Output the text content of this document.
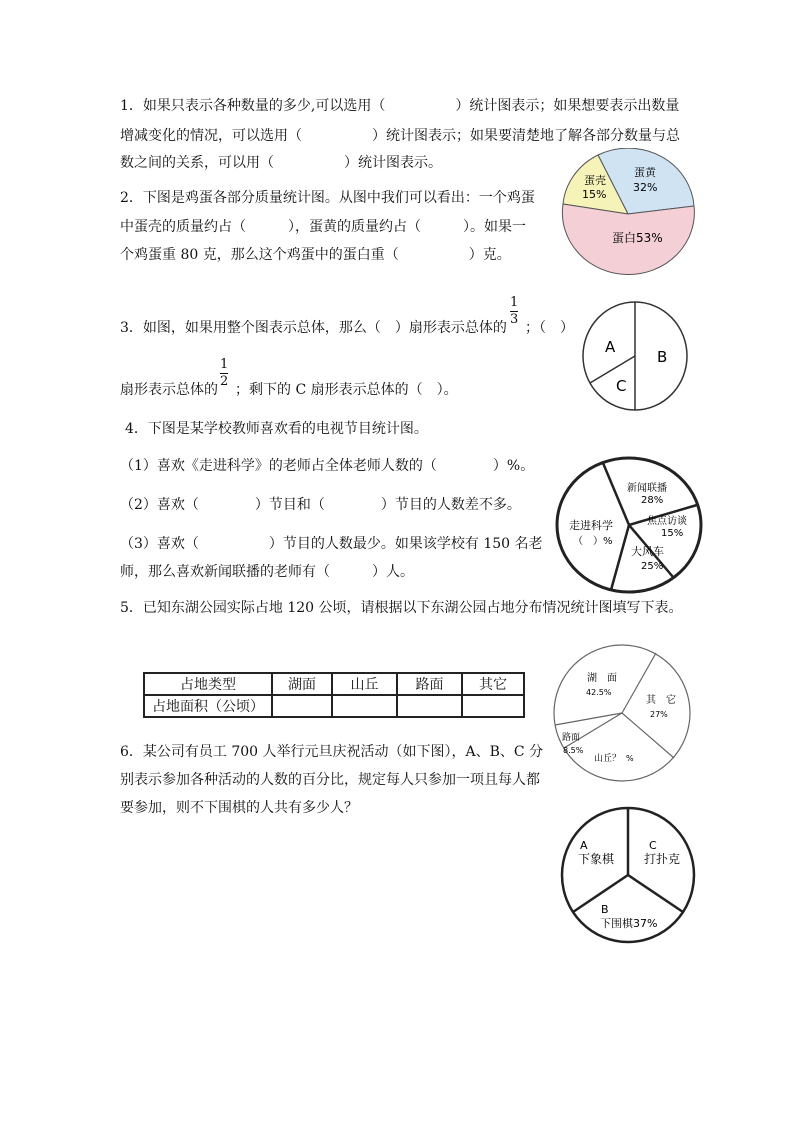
1．如果只表示各种数量的多少,可以选用（　　　　　）统计图表示；如果想要表示出数量
增减变化的情况，可以选用（　　　　　）统计图表示；如果要清楚地了解各部分数量与总
数之间的关系，可以用（　　　　　）统计图表示。
2．下图是鸡蛋各部分质量统计图。从图中我们可以看出：一个鸡蛋
中蛋壳的质量约占（　　　），蛋黄的质量约占（　　　）。如果一
个鸡蛋重 80 克，那么这个鸡蛋中的蛋白重（　　　　　）克。
蛋壳
15%
蛋黄
32%
蛋白53%
3．如图，如果用整个图表示总体，那么（　）扇形表示总体的
1
3
；（　）
扇形表示总体的
1
2
；剩下的 C 扇形表示总体的（　）。
A
B
C
4．下图是某学校教师喜欢看的电视节目统计图。
（1）喜欢《走进科学》的老师占全体老师人数的（　　　　）%。
（2）喜欢（　　　　）节目和（　　　　）节目的人数差不多。
（3）喜欢（　　　　　）节目的人数最少。如果该学校有 150 名老
师，那么喜欢新闻联播的老师有（　　　）人。
新闻联播
28%
焦点访谈
15%
大风车
25%
走进科学
（　）%
5．已知东湖公园实际占地 120 公顷，请根据以下东湖公园占地分布情况统计图填写下表。
占地类型	湖面	山丘	路面	其它
占地面积（公顷）				
湖　面
42.5%
其　它
27%
路面
8.5%
山丘？ %
6．某公司有员工 700 人举行元旦庆祝活动（如下图），A、B、C 分
别表示参加各种活动的人数的百分比，规定每人只参加一项且每人都
要参加，则不下围棋的人共有多少人？
A
下象棋
C
打扑克
B
下围棋37%
